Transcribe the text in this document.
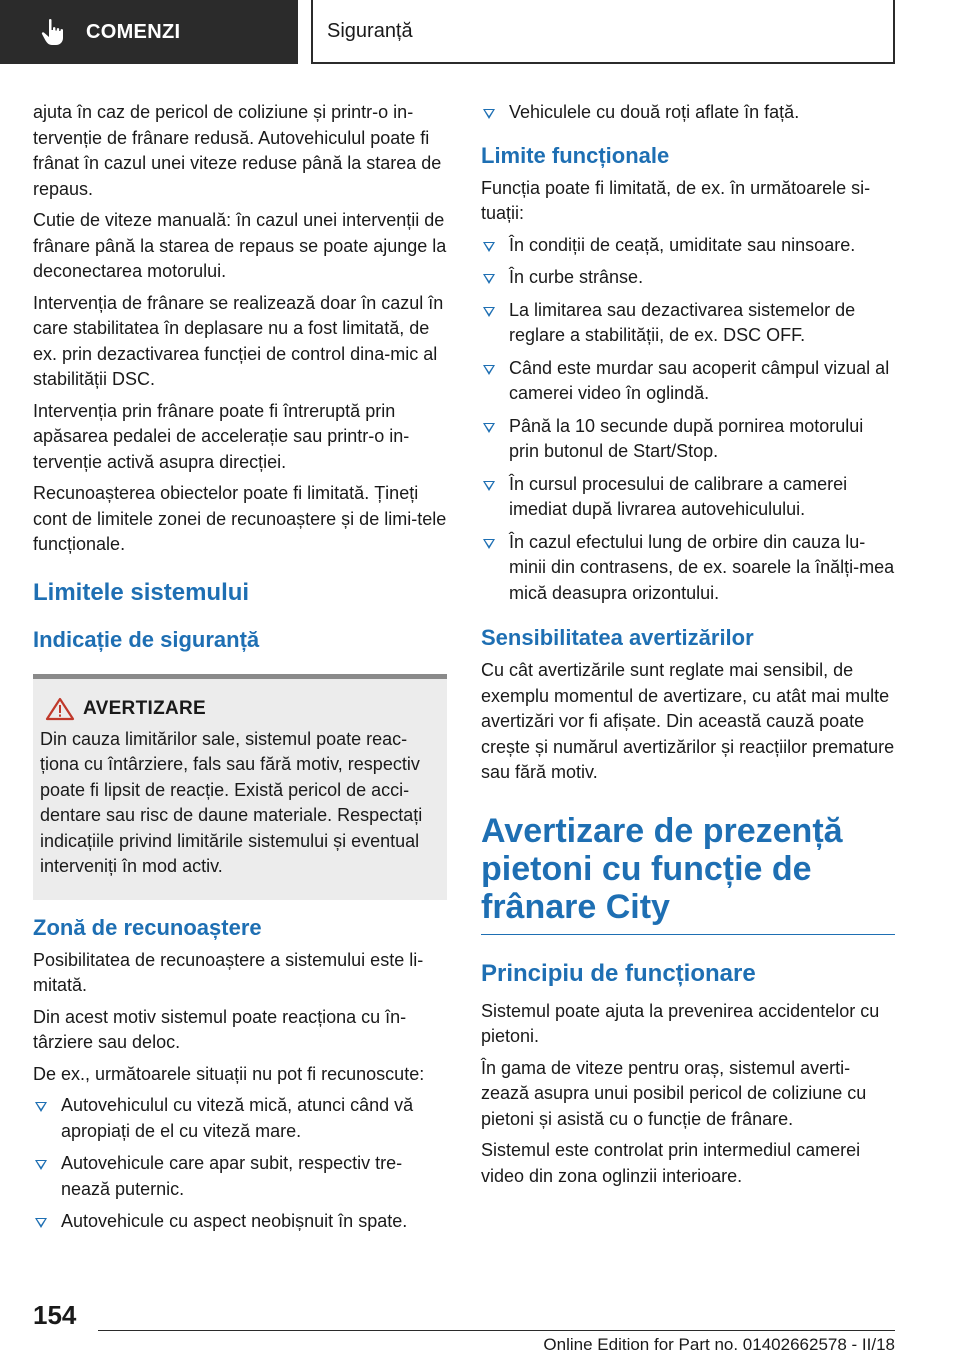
COMENZI	Siguranță

ajuta în caz de pericol de coliziune și printr-o in-tervenție de frânare redusă. Autovehiculul poate fi frânat în cazul unei viteze reduse până la starea de repaus.

Cutie de viteze manuală: în cazul unei intervenții de frânare până la starea de repaus se poate ajunge la deconectarea motorului.

Intervenția de frânare se realizează doar în cazul în care stabilitatea în deplasare nu a fost limitată, de ex. prin dezactivarea funcției de control dina-mic al stabilității DSC.

Intervenția prin frânare poate fi întreruptă prin apăsarea pedalei de accelerație sau printr-o in-tervenție activă asupra direcției.

Recunoașterea obiectelor poate fi limitată. Țineți cont de limitele zonei de recunoaștere și de limi-tele funcționale.

Limitele sistemului
Indicație de siguranță
AVERTIZARE

Din cauza limitărilor sale, sistemul poate reac-ționa cu întârziere, fals sau fără motiv, respectiv poate fi lipsit de reacție. Există pericol de acci-dentare sau risc de daune materiale. Respectați indicațiile privind limitările sistemului și eventual interveniți în mod activ.

Zonă de recunoaștere

Posibilitatea de recunoaștere a sistemului este li-mitată.

Din acest motiv sistemul poate reacționa cu în-târziere sau deloc.

De ex., următoarele situații nu pot fi recunoscute:

Autovehiculul cu viteză mică, atunci când vă apropiați de el cu viteză mare.
Autovehicule care apar subit, respectiv tre-nează puternic.
Autovehicule cu aspect neobișnuit în spate.
Vehiculele cu două roți aflate în față.
Limite funcționale

Funcția poate fi limitată, de ex. în următoarele si-tuații:

În condiții de ceață, umiditate sau ninsoare.
În curbe strânse.
La limitarea sau dezactivarea sistemelor de reglare a stabilității, de ex. DSC OFF.
Când este murdar sau acoperit câmpul vizual al camerei video în oglindă.
Până la 10 secunde după pornirea motorului prin butonul de Start/Stop.
În cursul procesului de calibrare a camerei imediat după livrarea autovehiculului.
În cazul efectului lung de orbire din cauza lu-minii din contrasens, de ex. soarele la înălți-mea mică deasupra orizontului.
Sensibilitatea avertizărilor

Cu cât avertizările sunt reglate mai sensibil, de exemplu momentul de avertizare, cu atât mai multe avertizări vor fi afișate. Din această cauză poate crește și numărul avertizărilor și reacțiilor premature sau fără motiv.

Avertizare de prezență pietoni cu funcție de frânare City
Principiu de funcționare

Sistemul poate ajuta la prevenirea accidentelor cu pietoni.

În gama de viteze pentru oraș, sistemul averti-zează asupra unui posibil pericol de coliziune cu pietoni și asistă cu o funcție de frânare.

Sistemul este controlat prin intermediul camerei video din zona oglinzii interioare.

154
Online Edition for Part no. 01402662578 - II/18
